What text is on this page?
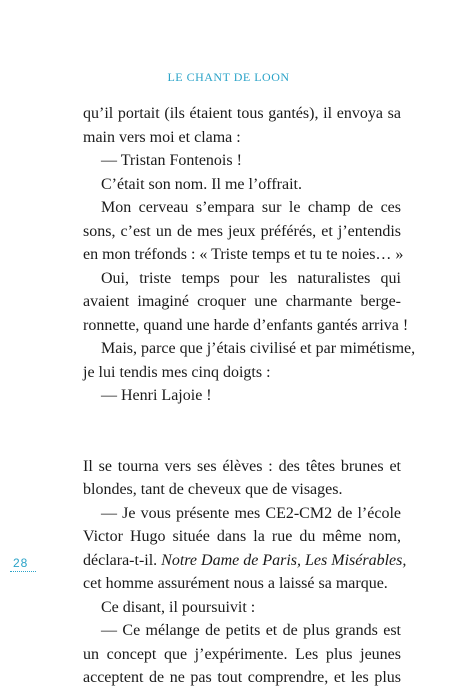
LE CHANT DE LOON
qu’il portait (ils étaient tous gantés), il envoya sa
main vers moi et clama :
— Tristan Fontenois !
C’était son nom. Il me l’offrait.
Mon cerveau s’empara sur le champ de ces
sons, c’est un de mes jeux préférés, et j’entendis
en mon tréfonds : « Triste temps et tu te noies… »
Oui, triste temps pour les naturalistes qui
avaient imaginé croquer une charmante berge-
ronnette, quand une harde d’enfants gantés arriva !
Mais, parce que j’étais civilisé et par mimétisme,
je lui tendis mes cinq doigts :
— Henri Lajoie !
Il se tourna vers ses élèves : des têtes brunes et
blondes, tant de cheveux que de visages.
— Je vous présente mes CE2-CM2 de l’école
Victor Hugo située dans la rue du même nom,
déclara-t-il. Notre Dame de Paris, Les Misérables,
cet homme assurément nous a laissé sa marque.
Ce disant, il poursuivit :
— Ce mélange de petits et de plus grands est
un concept que j’expérimente. Les plus jeunes
acceptent de ne pas tout comprendre, et les plus
28
